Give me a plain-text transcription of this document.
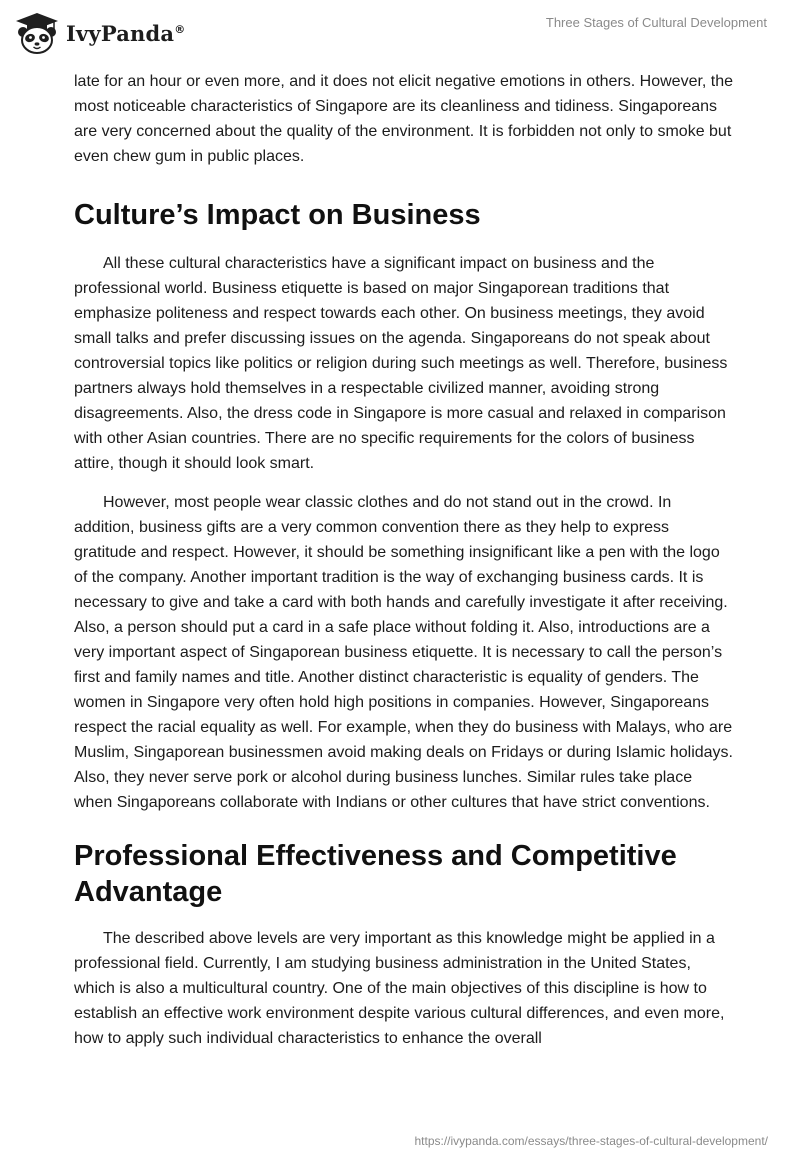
IvyPanda®	Three Stages of Cultural Development

late for an hour or even more, and it does not elicit negative emotions in others. However, the most noticeable characteristics of Singapore are its cleanliness and tidiness. Singaporeans are very concerned about the quality of the environment. It is forbidden not only to smoke but even chew gum in public places.

Culture’s Impact on Business

All these cultural characteristics have a significant impact on business and the professional world. Business etiquette is based on major Singaporean traditions that emphasize politeness and respect towards each other. On business meetings, they avoid small talks and prefer discussing issues on the agenda. Singaporeans do not speak about controversial topics like politics or religion during such meetings as well. Therefore, business partners always hold themselves in a respectable civilized manner, avoiding strong disagreements. Also, the dress code in Singapore is more casual and relaxed in comparison with other Asian countries. There are no specific requirements for the colors of business attire, though it should look smart.

However, most people wear classic clothes and do not stand out in the crowd. In addition, business gifts are a very common convention there as they help to express gratitude and respect. However, it should be something insignificant like a pen with the logo of the company. Another important tradition is the way of exchanging business cards. It is necessary to give and take a card with both hands and carefully investigate it after receiving. Also, a person should put a card in a safe place without folding it. Also, introductions are a very important aspect of Singaporean business etiquette. It is necessary to call the person’s first and family names and title. Another distinct characteristic is equality of genders. The women in Singapore very often hold high positions in companies. However, Singaporeans respect the racial equality as well. For example, when they do business with Malays, who are Muslim, Singaporean businessmen avoid making deals on Fridays or during Islamic holidays. Also, they never serve pork or alcohol during business lunches. Similar rules take place when Singaporeans collaborate with Indians or other cultures that have strict conventions.

Professional Effectiveness and Competitive Advantage

The described above levels are very important as this knowledge might be applied in a professional field. Currently, I am studying business administration in the United States, which is also a multicultural country. One of the main objectives of this discipline is how to establish an effective work environment despite various cultural differences, and even more, how to apply such individual characteristics to enhance the overall

https://ivypanda.com/essays/three-stages-of-cultural-development/
